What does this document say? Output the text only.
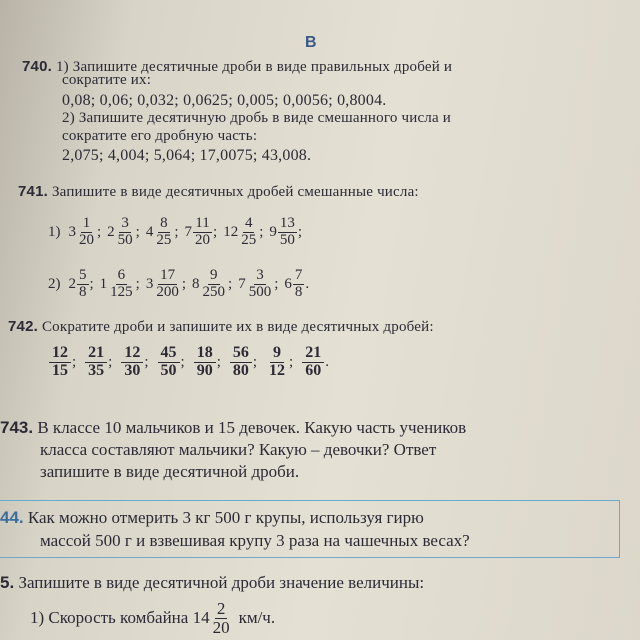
В
740. 1) Запишите десятичные дроби в виде правильных дробей и
сократите их:
0,08; 0,06; 0,032; 0,0625; 0,005; 0,0056; 0,8004.
2) Запишите десятичную дробь в виде смешанного числа и
сократите его дробную часть:
2,075; 4,004; 5,064; 17,0075; 43,008.
741. Запишите в виде десятичных дробей смешанные числа:
1) $3 \frac{1}{20}$ ; $2 \frac{3}{50}$ ; $4 \frac{8}{25}$ ; $7 \frac{11}{20}$ ; $12 \frac{4}{25}$ ; $9 \frac{13}{50}$ ;
2) $2 \frac{5}{8}$ ; $1 \frac{6}{125}$ ; $3 \frac{17}{200}$ ; $8 \frac{9}{250}$ ; $7 \frac{3}{500}$ ; $6 \frac{7}{8}$ .
742. Сократите дроби и запишите их в виде десятичных дробей:
$\frac{12}{15}$ ; $\frac{21}{35}$ ; $\frac{12}{30}$ ; $\frac{45}{50}$ ; $\frac{18}{90}$ ; $\frac{56}{80}$ ; $\frac{9}{12}$ ; $\frac{21}{60}$ .
743. В классе 10 мальчиков и 15 девочек. Какую часть учеников
класса составляют мальчики? Какую – девочки? Ответ
запишите в виде десятичной дроби.
44. Как можно отмерить 3 кг 500 г крупы, используя гирю
массой 500 г и взвешивая крупу 3 раза на чашечных весах?
5. Запишите в виде десятичной дроби значение величины:
1) Скорость комбайна $14 \frac{2}{20} км/ч$.
